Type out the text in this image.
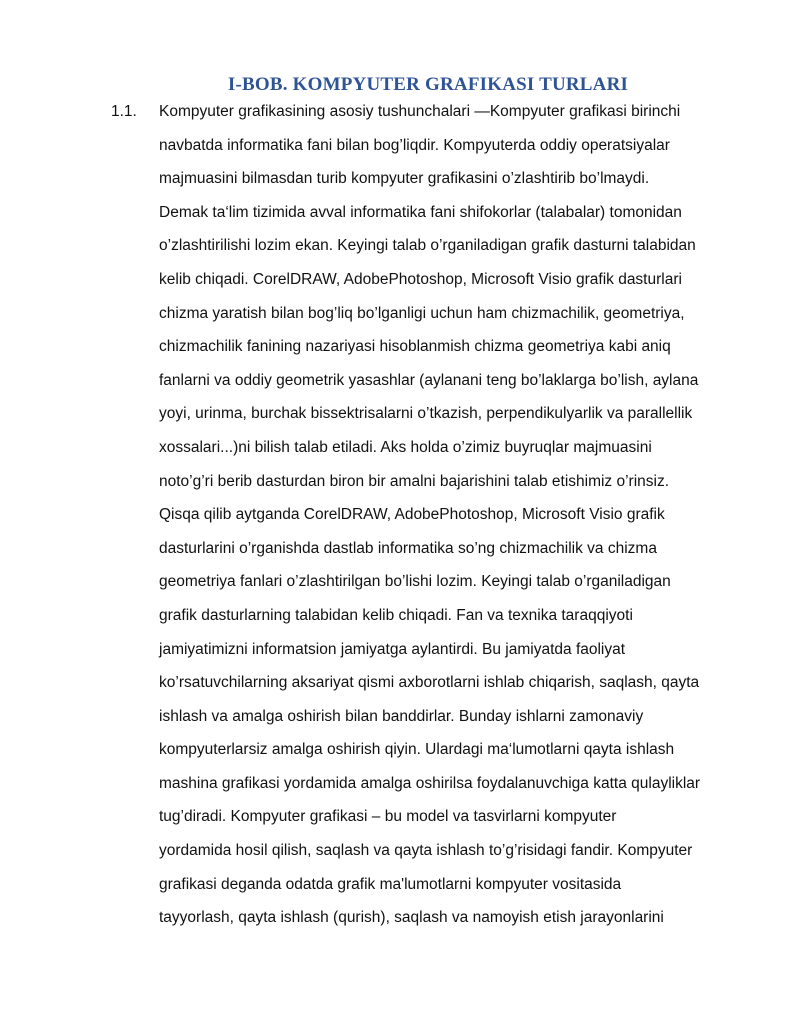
I-BOB. KOMPYUTER GRAFIKASI TURLARI
1.1. Kompyuter grafikasining asosiy tushunchalari —Kompyuter grafikasi birinchi
navbatda informatika fani bilan bog’liqdir. Kompyuterda oddiy operatsiyalar
majmuasini bilmasdan turib kompyuter grafikasini o’zlashtirib bo’lmaydi.
Demak ta‘lim tizimida avval informatika fani shifokorlar (talabalar) tomonidan
o’zlashtirilishi lozim ekan. Keyingi talab o’rganiladigan grafik dasturni talabidan
kelib chiqadi. CorelDRAW, AdobePhotoshop, Microsoft Visio grafik dasturlari
chizma yaratish bilan bog’liq bo’lganligi uchun ham chizmachilik, geometriya,
chizmachilik fanining nazariyasi hisoblanmish chizma geometriya kabi aniq
fanlarni va oddiy geometrik yasashlar (aylanani teng bo’laklarga bo’lish, aylana
yoyi, urinma, burchak bissektrisalarni o’tkazish, perpendikulyarlik va parallellik
xossalari...)ni bilish talab etiladi. Aks holda o’zimiz buyruqlar majmuasini
noto’g’ri berib dasturdan biron bir amalni bajarishini talab etishimiz o’rinsiz.
Qisqa qilib aytganda CorelDRAW, AdobePhotoshop, Microsoft Visio grafik
dasturlarini o’rganishda dastlab informatika so’ng chizmachilik va chizma
geometriya fanlari o’zlashtirilgan bo’lishi lozim. Keyingi talab o’rganiladigan
grafik dasturlarning talabidan kelib chiqadi. Fan va texnika taraqqiyoti
jamiyatimizni informatsion jamiyatga aylantirdi. Bu jamiyatda faoliyat
ko’rsatuvchilarning aksariyat qismi axborotlarni ishlab chiqarish, saqlash, qayta
ishlash va amalga oshirish bilan banddirlar. Bunday ishlarni zamonaviy
kompyuterlarsiz amalga oshirish qiyin. Ulardagi ma‘lumotlarni qayta ishlash
mashina grafikasi yordamida amalga oshirilsa foydalanuvchiga katta qulayliklar
tug’diradi. Kompyuter grafikasi – bu model va tasvirlarni kompyuter
yordamida hosil qilish, saqlash va qayta ishlash to’g’risidagi fandir. Kompyuter
grafikasi deganda odatda grafik ma'lumotlarni kompyuter vositasida
tayyorlash, qayta ishlash (qurish), saqlash va namoyish etish jarayonlarini
